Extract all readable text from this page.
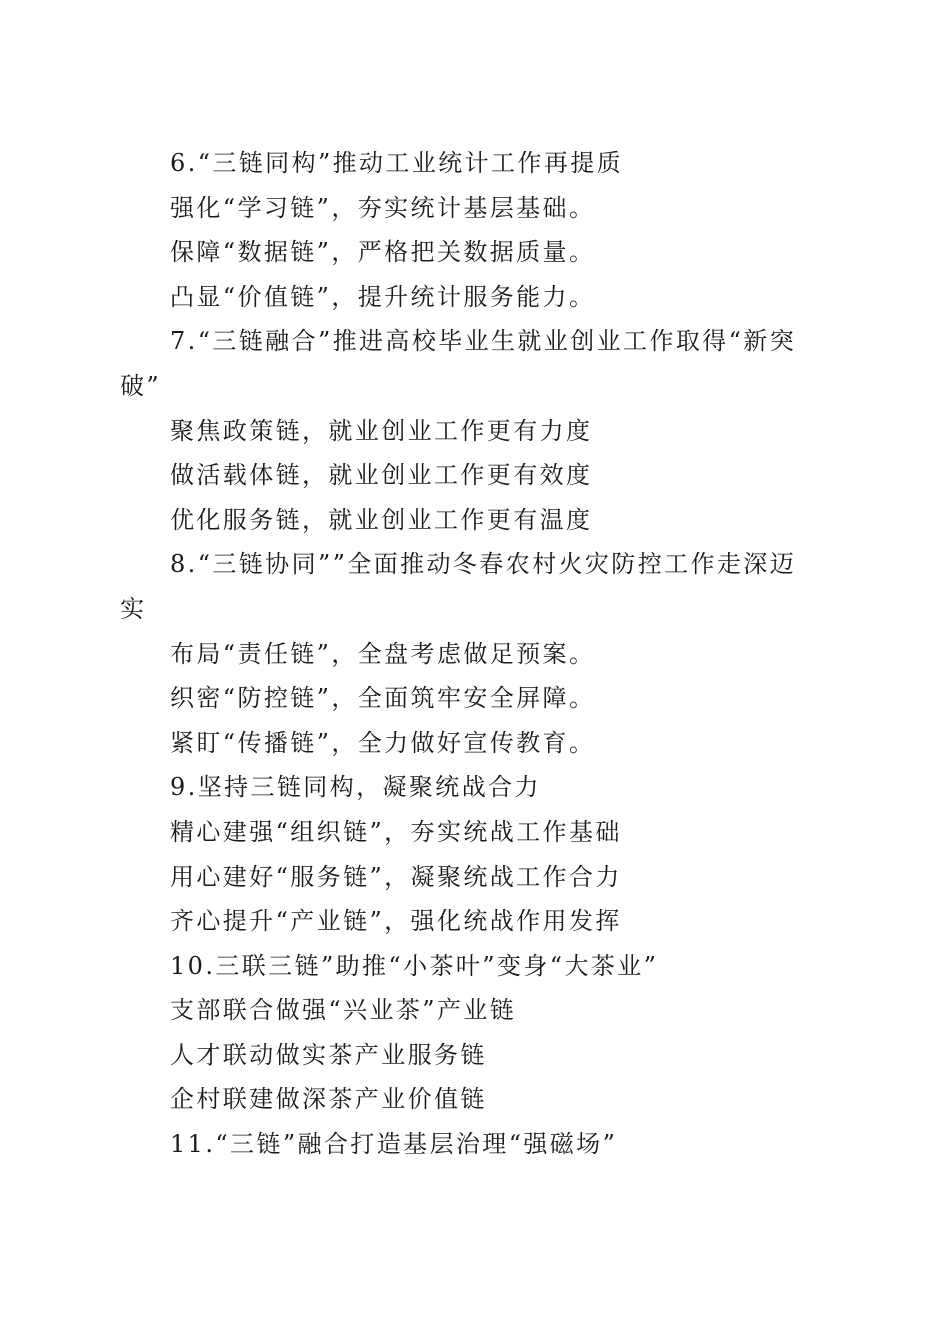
6.“三链同构”推动工业统计工作再提质
强化“学习链”，夯实统计基层基础。
保障“数据链”，严格把关数据质量。
凸显“价值链”，提升统计服务能力。
7.“三链融合”推进高校毕业生就业创业工作取得“新突
破”
聚焦政策链，就业创业工作更有力度
做活载体链，就业创业工作更有效度
优化服务链，就业创业工作更有温度
8.“三链协同””全面推动冬春农村火灾防控工作走深迈
实
布局“责任链”，全盘考虑做足预案。
织密“防控链”，全面筑牢安全屏障。
紧盯“传播链”，全力做好宣传教育。
9.坚持三链同构，凝聚统战合力
精心建强“组织链”，夯实统战工作基础
用心建好“服务链”，凝聚统战工作合力
齐心提升“产业链”，强化统战作用发挥
10.三联三链”助推“小茶叶”变身“大茶业”
支部联合做强“兴业茶”产业链
人才联动做实茶产业服务链
企村联建做深茶产业价值链
11.“三链”融合打造基层治理“强磁场”
